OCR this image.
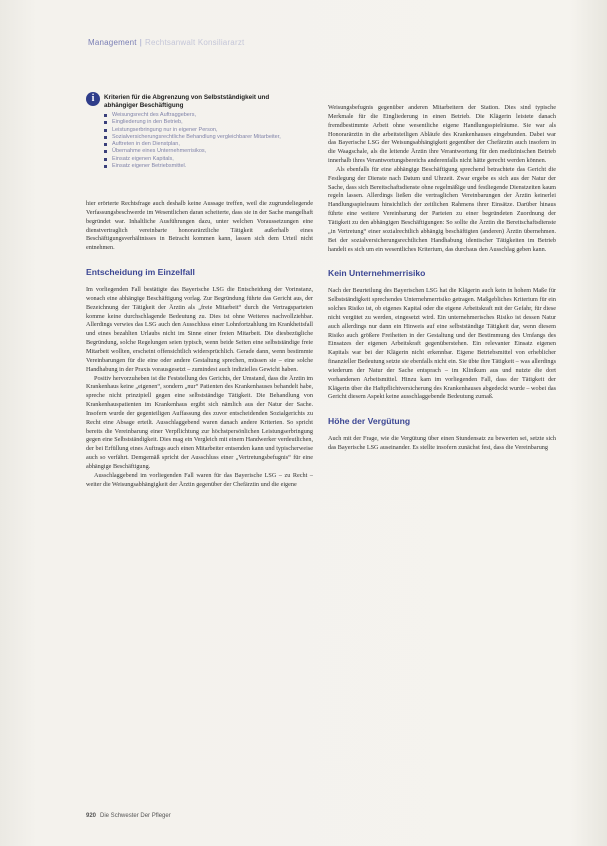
Management | Rechtsanwalt Konsiliararzt
i	Kriterien für die Abgrenzung von Selbstständigkeit und abhängiger Beschäftigung
Weisungsrecht des Auftraggebers,
Eingliederung in den Betrieb,
Leistungserbringung nur in eigener Person,
Sozialversicherungsrechtliche Behandlung vergleichbarer Mitarbeiter,
Auftreten in den Dienstplan,
Übernahme eines Unternehmerrisikos,
Einsatz eigenen Kapitals,
Einsatz eigener Betriebsmittel.

hier erörterte Rechtsfrage auch deshalb keine Aussage treffen, weil die zugrundeliegende Verfassungsbeschwerde im Wesentlichen daran scheiterte, dass sie in der Sache mangelhaft begründet war. Inhaltliche Ausführungen dazu, unter welchen Voraussetzungen eine dienstvertraglich vereinbarte honorarärztliche Tätigkeit außerhalb eines Beschäftigungsverhältnisses in Betracht kommen kann, lassen sich dem Urteil nicht entnehmen.

Entscheidung im Einzelfall

Im vorliegenden Fall bestätigte das Bayerische LSG die Entscheidung der Vorinstanz, wonach eine abhängige Beschäftigung vorlag. Zur Begründung führte das Gericht aus, der Bezeichnung der Tätigkeit der Ärztin als „freie Mitarbeit“ durch die Vertragsparteien komme keine durchschlagende Bedeutung zu. Dies ist ohne Weiteres nachvollziehbar. Allerdings verwies das LSG auch den Ausschluss einer Lohnfortzahlung im Krankheitsfall und eines bezahlten Urlaubs nicht im Sinne einer freien Mitarbeit. Die diesbezügliche Begründung, solche Regelungen seien typisch, wenn beide Seiten eine selbstständige freie Mitarbeit wollten, erscheint offensichtlich widersprüchlich. Gerade dann, wenn bestimmte Vereinbarungen für die eine oder andere Gestaltung sprechen, müssen sie – eine solche Handhabung in der Praxis vorausgesetzt – zumindest auch indizielles Gewicht haben.

Positiv hervorzuheben ist die Feststellung des Gerichts, der Umstand, dass die Ärztin im Krankenhaus keine „eigenen“, sondern „nur“ Patienten des Krankenhauses behandelt habe, spreche nicht prinzipiell gegen eine selbstständige Tätigkeit. Die Behandlung von Krankenhauspatienten im Krankenhaus ergibt sich nämlich aus der Natur der Sache. Insofern wurde der gegenteiligen Auffassung des zuvor entscheidenden Sozialgerichts zu Recht eine Absage erteilt. Ausschlaggebend waren danach andere Kriterien. So spricht bereits die Vereinbarung einer Verpflichtung zur höchstpersönlichen Leistungserbringung gegen eine Selbstständigkeit. Dies mag ein Vergleich mit einem Handwerker verdeutlichen, der bei Erfüllung eines Auftrags auch einen Mitarbeiter entsenden kann und typischerweise auch so verfährt. Demgemäß spricht der Ausschluss einer „Vertretungsbefugnis“ für eine abhängige Beschäftigung.

Ausschlaggebend im vorliegenden Fall waren für das Bayerische LSG – zu Recht – weiter die Weisungsabhängigkeit der Ärztin gegenüber der Chefärztin und die eigene

Weisungsbefugnis gegenüber anderen Mitarbeitern der Station. Dies sind typische Merkmale für die Eingliederung in einen Betrieb. Die Klägerin leistete danach fremdbestimmte Arbeit ohne wesentliche eigene Handlungsspielräume. Sie war als Honorarärztin in die arbeitsteiligen Abläufe des Krankenhauses eingebunden. Dabei war das Bayerische LSG der Weisungsabhängigkeit gegenüber der Chefärztin auch insofern in die Waagschale, als die leitende Ärztin ihre Verantwortung für den medizinischen Betrieb innerhalb ihres Verantwortungsbereichs anderenfalls nicht hätte gerecht werden können.

Als ebenfalls für eine abhängige Beschäftigung sprechend betrachtete das Gericht die Festlegung der Dienste nach Datum und Uhrzeit. Zwar ergebe es sich aus der Natur der Sache, dass sich Bereitschaftsdienste ohne regelmäßige und festliegende Dienstzeiten kaum regeln lassen. Allerdings ließen die vertraglichen Vereinbarungen der Ärztin keinerlei Handlungsspielraum hinsichtlich der zeitlichen Rahmens ihrer Einsätze. Darüber hinaus führte eine weitere Vereinbarung der Parteien zu einer begründeten Zuordnung der Tätigkeit zu den abhängigen Beschäftigungen: So sollte die Ärztin die Bereitschaftsdienste „in Vertretung“ einer sozialrechtlich abhängig beschäftigten (anderen) Ärztin übernehmen. Bei der sozialversicherungsrechtlichen Handhabung identischer Tätigkeiten im Betrieb handelt es sich um ein wesentliches Kriterium, das durchaus den Ausschlag geben kann.

Kein Unternehmerrisiko

Nach der Beurteilung des Bayerischen LSG hat die Klägerin auch kein in hohem Maße für Selbstständigkeit sprechendes Unternehmerrisiko getragen. Maßgebliches Kriterium für ein solches Risiko ist, ob eigenes Kapital oder die eigene Arbeitskraft mit der Gefahr, für diese nicht vergütet zu werden, eingesetzt wird. Ein unternehmerisches Risiko ist dessen Natur auch allerdings nur dann ein Hinweis auf eine selbstständige Tätigkeit dar, wenn diesem Risiko auch größere Freiheiten in der Gestaltung und der Bestimmung des Umfangs des Einsatzes der eigenen Arbeitskraft gegenüberstehen. Ein relevanter Einsatz eigenen Kapitals war bei der Klägerin nicht erkennbar. Eigene Betriebsmittel von erheblicher finanzieller Bedeutung setzte sie ebenfalls nicht ein. Sie übte ihre Tätigkeit – was allerdings wiederum der Natur der Sache entsprach – im Klinikum aus und nutzte die dort vorhandenen Arbeitsmittel. Hinzu kam im vorliegenden Fall, dass der Tätigkeit der Klägerin über die Haftpflichtversicherung des Krankenhauses abgedeckt wurde – wobei das Gericht diesem Aspekt keine ausschlaggebende Bedeutung zumaß.

Höhe der Vergütung

Auch mit der Frage, wie die Vergütung über einen Stundensatz zu bewerten sei, setzte sich das Bayerische LSG auseinander. Es stellte insofern zunächst fest, dass die Vereinbarung

920 Die Schwester Der Pfleger
